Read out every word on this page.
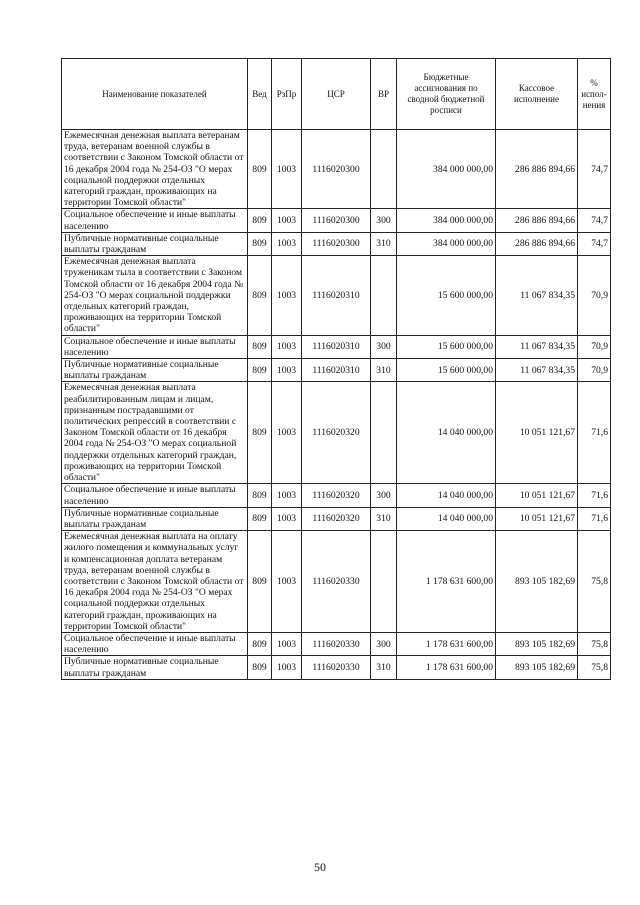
Наименование показателей	Вед	РзПр	ЦСР	ВР	Бюджетные ассигнования по сводной бюджетной росписи	Кассовое исполнение	% испол-нения
Ежемесячная денежная выплата ветеранам труда, ветеранам военной службы в соответствии с Законом Томской области от 16 декабря 2004 года № 254-ОЗ "О мерах социальной поддержки отдельных категорий граждан, проживающих на территории Томской области"	809	1003	1116020300		384 000 000,00	286 886 894,66	74,7
Социальное обеспечение и иные выплаты населению	809	1003	1116020300	300	384 000 000,00	286 886 894,66	74,7
Публичные нормативные социальные выплаты гражданам	809	1003	1116020300	310	384 000 000,00	286 886 894,66	74,7
Ежемесячная денежная выплата труженикам тыла в соответствии с Законом Томской области от 16 декабря 2004 года № 254-ОЗ "О мерах социальной поддержки отдельных категорий граждан, проживающих на территории Томской области"	809	1003	1116020310		15 600 000,00	11 067 834,35	70,9
Социальное обеспечение и иные выплаты населению	809	1003	1116020310	300	15 600 000,00	11 067 834,35	70,9
Публичные нормативные социальные выплаты гражданам	809	1003	1116020310	310	15 600 000,00	11 067 834,35	70,9
Ежемесячная денежная выплата реабилитированным лицам и лицам, признанным пострадавшими от политических репрессий в соответствии с Законом Томской области от 16 декабря 2004 года № 254-ОЗ "О мерах социальной поддержки отдельных категорий граждан, проживающих на территории Томской области"	809	1003	1116020320		14 040 000,00	10 051 121,67	71,6
Социальное обеспечение и иные выплаты населению	809	1003	1116020320	300	14 040 000,00	10 051 121,67	71,6
Публичные нормативные социальные выплаты гражданам	809	1003	1116020320	310	14 040 000,00	10 051 121,67	71,6
Ежемесячная денежная выплата на оплату жилого помещения и коммунальных услуг и компенсационная доплата ветеранам труда, ветеранам военной службы в соответствии с Законом Томской области от 16 декабря 2004 года № 254-ОЗ "О мерах социальной поддержки отдельных категорий граждан, проживающих на территории Томской области"	809	1003	1116020330		1 178 631 600,00	893 105 182,69	75,8
Социальное обеспечение и иные выплаты населению	809	1003	1116020330	300	1 178 631 600,00	893 105 182,69	75,8
Публичные нормативные социальные выплаты гражданам	809	1003	1116020330	310	1 178 631 600,00	893 105 182,69	75,8
50
